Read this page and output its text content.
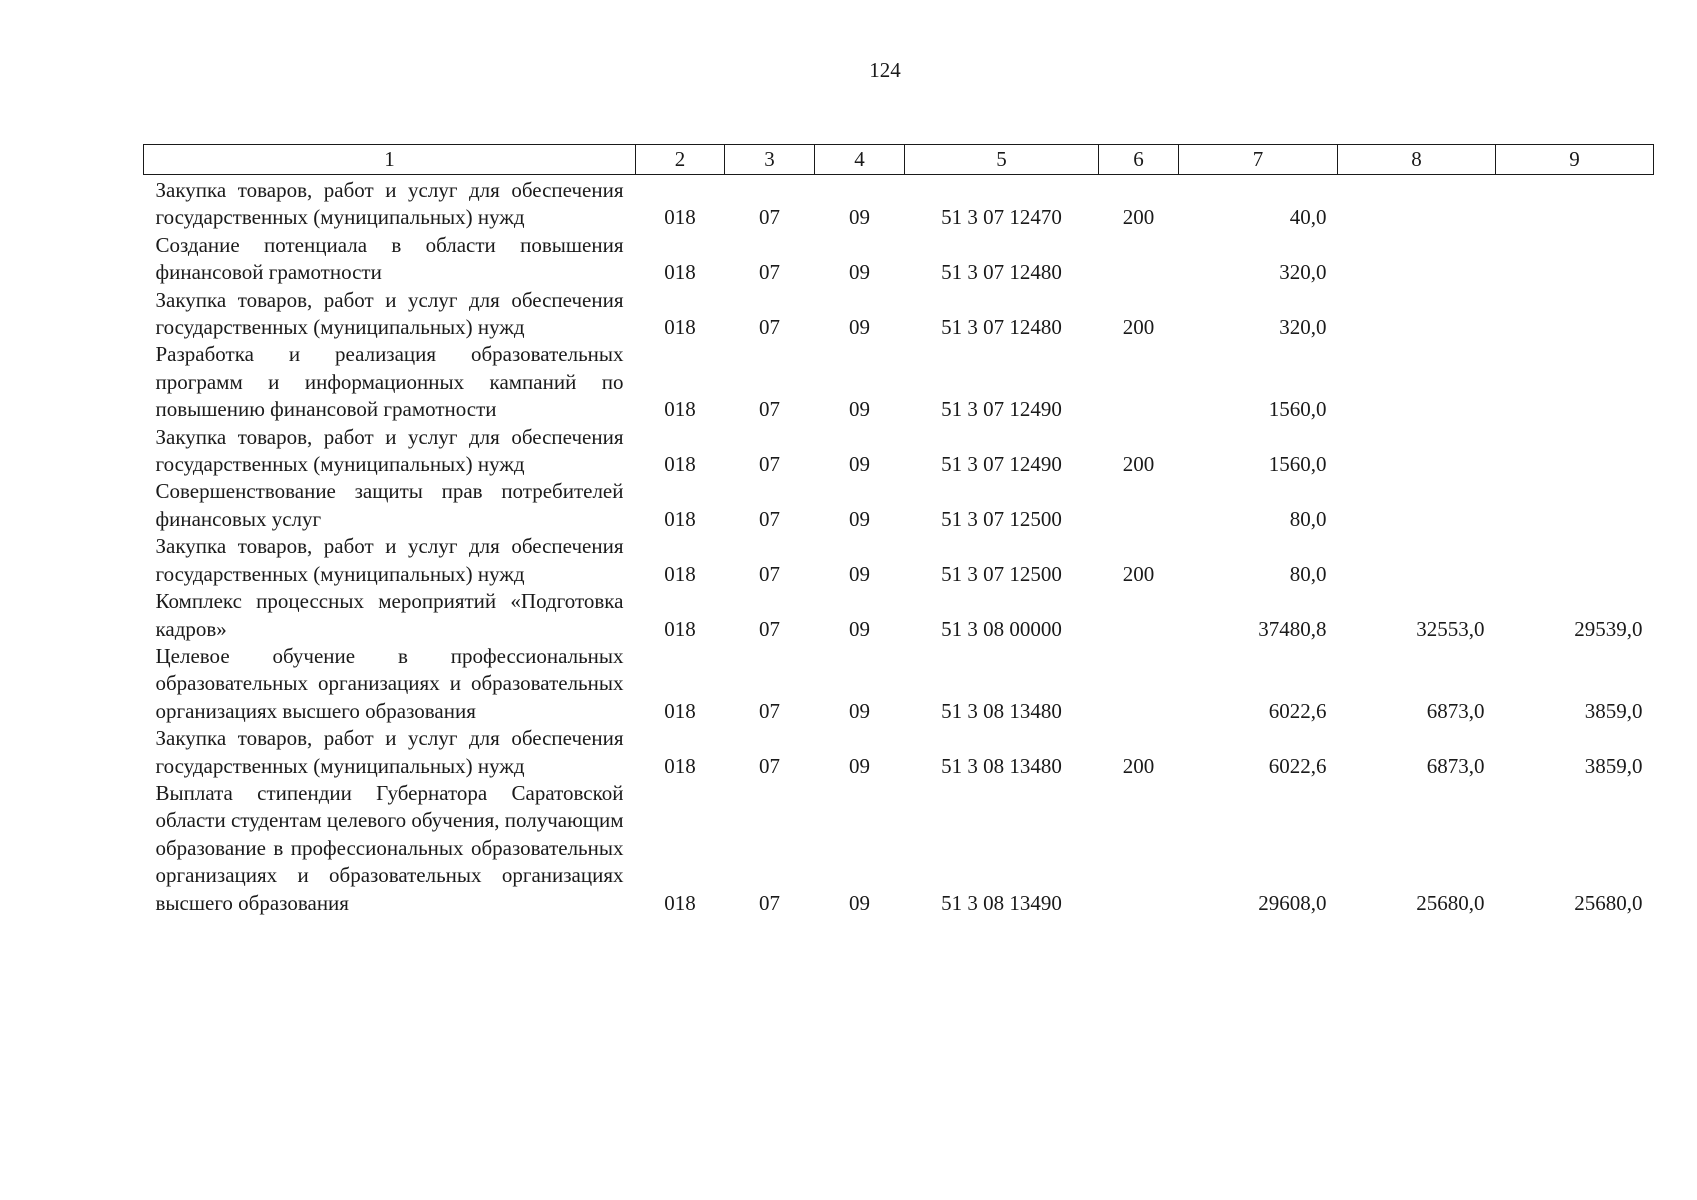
124
1	2	3	4	5	6	7	8	9

Закупка товаров, работ и услуг для обеспечения государственных (муниципальных) нужд	018	07	09	51 3 07 12470	200	40,0		

Создание потенциала в области повышения финансовой грамотности	018	07	09	51 3 07 12480		320,0		

Закупка товаров, работ и услуг для обеспечения государственных (муниципальных) нужд	018	07	09	51 3 07 12480	200	320,0		

Разработка и реализация образовательных программ и информационных кампаний по повышению финансовой грамотности	018	07	09	51 3 07 12490		1560,0		

Закупка товаров, работ и услуг для обеспечения государственных (муниципальных) нужд	018	07	09	51 3 07 12490	200	1560,0		

Совершенствование защиты прав потребителей финансовых услуг	018	07	09	51 3 07 12500		80,0		

Закупка товаров, работ и услуг для обеспечения государственных (муниципальных) нужд	018	07	09	51 3 07 12500	200	80,0		

Комплекс процессных мероприятий «Подготовка кадров»	018	07	09	51 3 08 00000		37480,8	32553,0	29539,0

Целевое обучение в профессиональных образовательных организациях и образовательных организациях высшего образования	018	07	09	51 3 08 13480		6022,6	6873,0	3859,0

Закупка товаров, работ и услуг для обеспечения государственных (муниципальных) нужд	018	07	09	51 3 08 13480	200	6022,6	6873,0	3859,0

Выплата стипендии Губернатора Саратовской области студентам целевого обучения, получающим образование в профессиональных образовательных организациях и образовательных организациях высшего образования	018	07	09	51 3 08 13490		29608,0	25680,0	25680,0
